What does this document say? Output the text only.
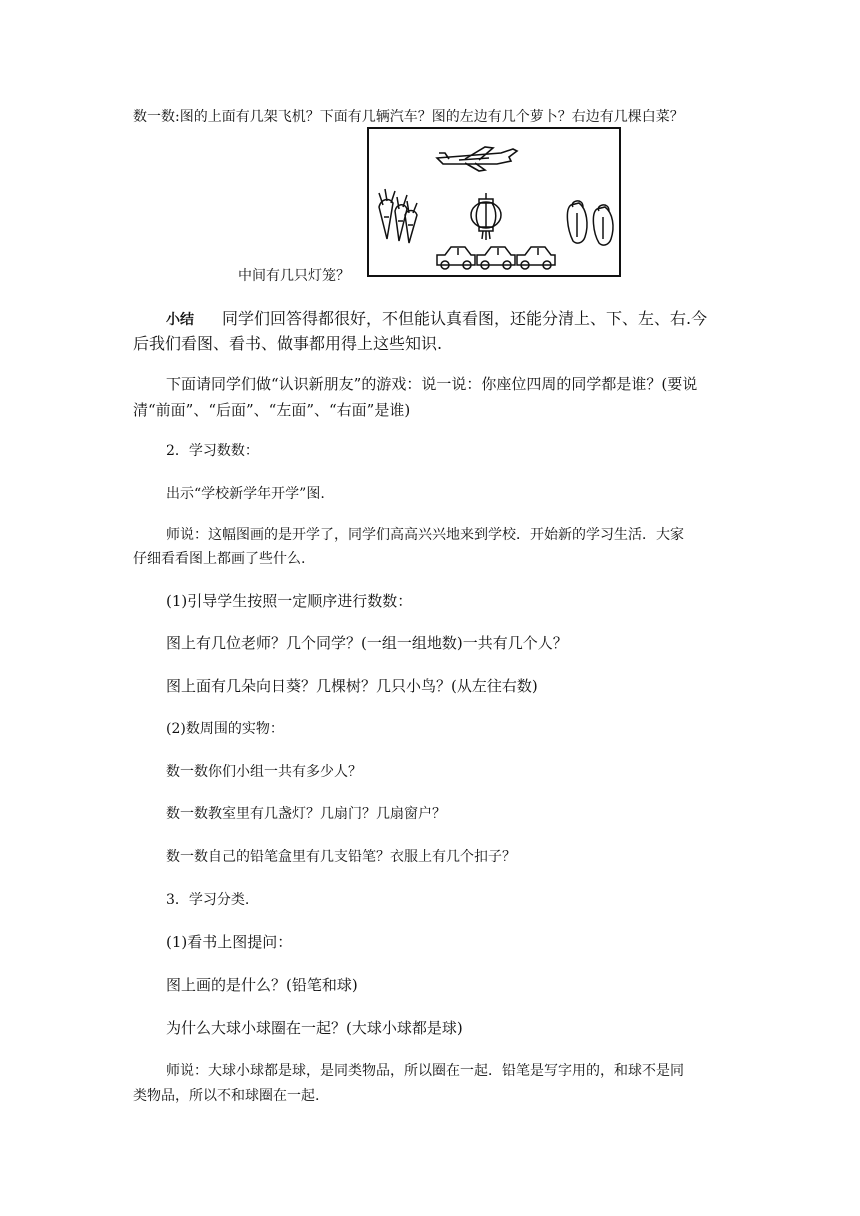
数一数:图的上面有几架飞机？下面有几辆汽车？图的左边有几个萝卜？右边有几棵白菜？
中间有几只灯笼？
小结 同学们回答得都很好，不但能认真看图，还能分清上、下、左、右.今
后我们看图、看书、做事都用得上这些知识.
下面请同学们做“认识新朋友”的游戏：说一说：你座位四周的同学都是谁？(要说
清“前面”、“后面”、“左面”、“右面”是谁)
2．学习数数：
出示“学校新学年开学”图.
师说：这幅图画的是开学了，同学们高高兴兴地来到学校．开始新的学习生活．大家
仔细看看图上都画了些什么.
(1)引导学生按照一定顺序进行数数：
图上有几位老师？几个同学？(一组一组地数)一共有几个人？
图上面有几朵向日葵？几棵树？几只小鸟？(从左往右数)
(2)数周围的实物：
数一数你们小组一共有多少人？
数一数教室里有几盏灯？几扇门？几扇窗户？
数一数自己的铅笔盒里有几支铅笔？衣服上有几个扣子？
3．学习分类.
(1)看书上图提问：
图上画的是什么？(铅笔和球)
为什么大球小球圈在一起？(大球小球都是球)
师说：大球小球都是球，是同类物品，所以圈在一起．铅笔是写字用的，和球不是同
类物品，所以不和球圈在一起.
